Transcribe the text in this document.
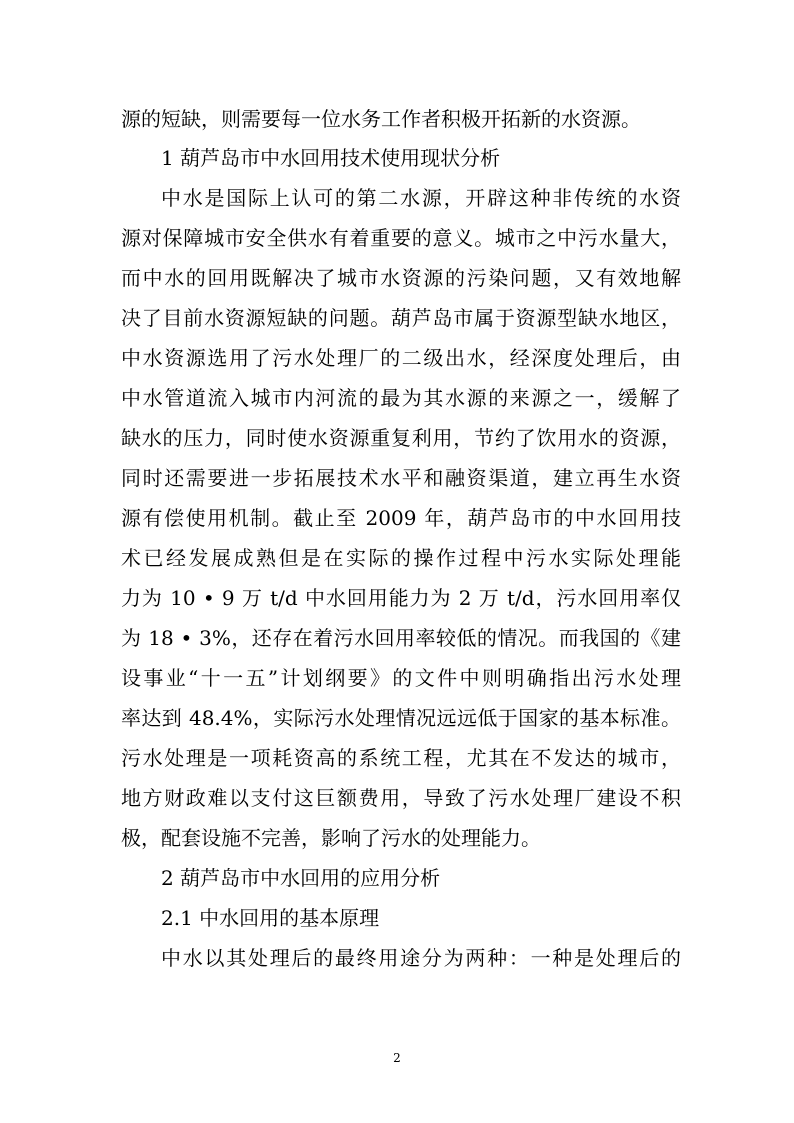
源的短缺，则需要每一位水务工作者积极开拓新的水资源。
1 葫芦岛市中水回用技术使用现状分析
中水是国际上认可的第二水源，开辟这种非传统的水资
源对保障城市安全供水有着重要的意义。城市之中污水量大，
而中水的回用既解决了城市水资源的污染问题，又有效地解
决了目前水资源短缺的问题。葫芦岛市属于资源型缺水地区，
中水资源选用了污水处理厂的二级出水，经深度处理后，由
中水管道流入城市内河流的最为其水源的来源之一，缓解了
缺水的压力，同时使水资源重复利用，节约了饮用水的资源，
同时还需要进一步拓展技术水平和融资渠道，建立再生水资
源有偿使用机制。截止至 2009 年，葫芦岛市的中水回用技
术已经发展成熟但是在实际的操作过程中污水实际处理能
力为 10 • 9 万 t/d 中水回用能力为 2 万 t/d，污水回用率仅
为 18 • 3%，还存在着污水回用率较低的情况。而我国的《建
设事业“十一五”计划纲要》的文件中则明确指出污水处理
率达到 48.4%，实际污水处理情况远远低于国家的基本标准。
污水处理是一项耗资高的系统工程，尤其在不发达的城市，
地方财政难以支付这巨额费用，导致了污水处理厂建设不积
极，配套设施不完善，影响了污水的处理能力。
2 葫芦岛市中水回用的应用分析
2.1 中水回用的基本原理
中水以其处理后的最终用途分为两种：一种是处理后的
2
